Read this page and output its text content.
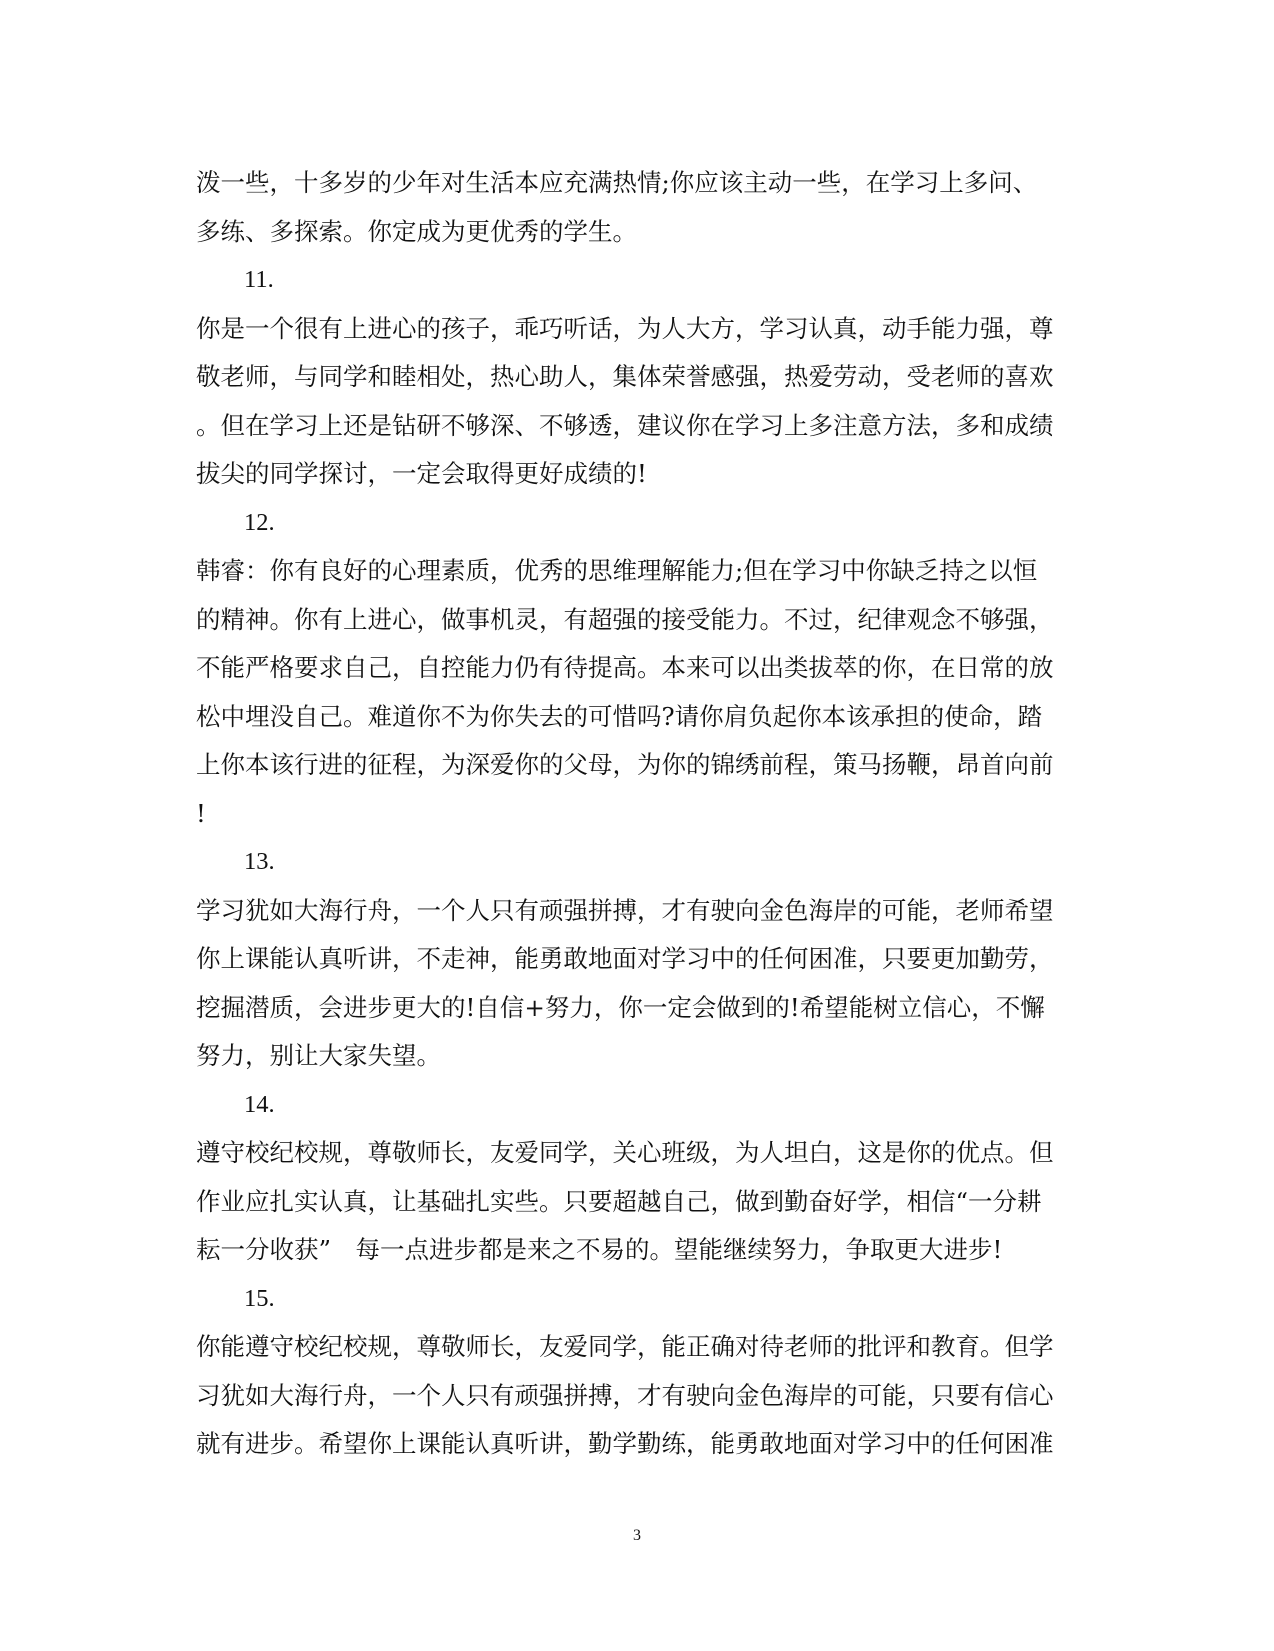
泼一些，十多岁的少年对生活本应充满热情;你应该主动一些，在学习上多问、
多练、多探索。你定成为更优秀的学生。
11.
你是一个很有上进心的孩子，乖巧听话，为人大方，学习认真，动手能力强，尊
敬老师，与同学和睦相处，热心助人，集体荣誉感强，热爱劳动，受老师的喜欢
。但在学习上还是钻研不够深、不够透，建议你在学习上多注意方法，多和成绩
拔尖的同学探讨，一定会取得更好成绩的!
12.
韩睿：你有良好的心理素质，优秀的思维理解能力;但在学习中你缺乏持之以恒
的精神。你有上进心，做事机灵，有超强的接受能力。不过，纪律观念不够强，
不能严格要求自己，自控能力仍有待提高。本来可以出类拔萃的你，在日常的放
松中埋没自己。难道你不为你失去的可惜吗?请你肩负起你本该承担的使命，踏
上你本该行进的征程，为深爱你的父母，为你的锦绣前程，策马扬鞭，昂首向前
!
13.
学习犹如大海行舟，一个人只有顽强拼搏，才有驶向金色海岸的可能，老师希望
你上课能认真听讲，不走神，能勇敢地面对学习中的任何困准，只要更加勤劳，
挖掘潜质，会进步更大的!自信+努力，你一定会做到的!希望能树立信心，不懈
努力，别让大家失望。
14.
遵守校纪校规，尊敬师长，友爱同学，关心班级，为人坦白，这是你的优点。但
作业应扎实认真，让基础扎实些。只要超越自己，做到勤奋好学，相信“一分耕
耘一分收获”　每一点进步都是来之不易的。望能继续努力，争取更大进步!
15.
你能遵守校纪校规，尊敬师长，友爱同学，能正确对待老师的批评和教育。但学
习犹如大海行舟，一个人只有顽强拼搏，才有驶向金色海岸的可能，只要有信心
就有进步。希望你上课能认真听讲，勤学勤练，能勇敢地面对学习中的任何困准
3
